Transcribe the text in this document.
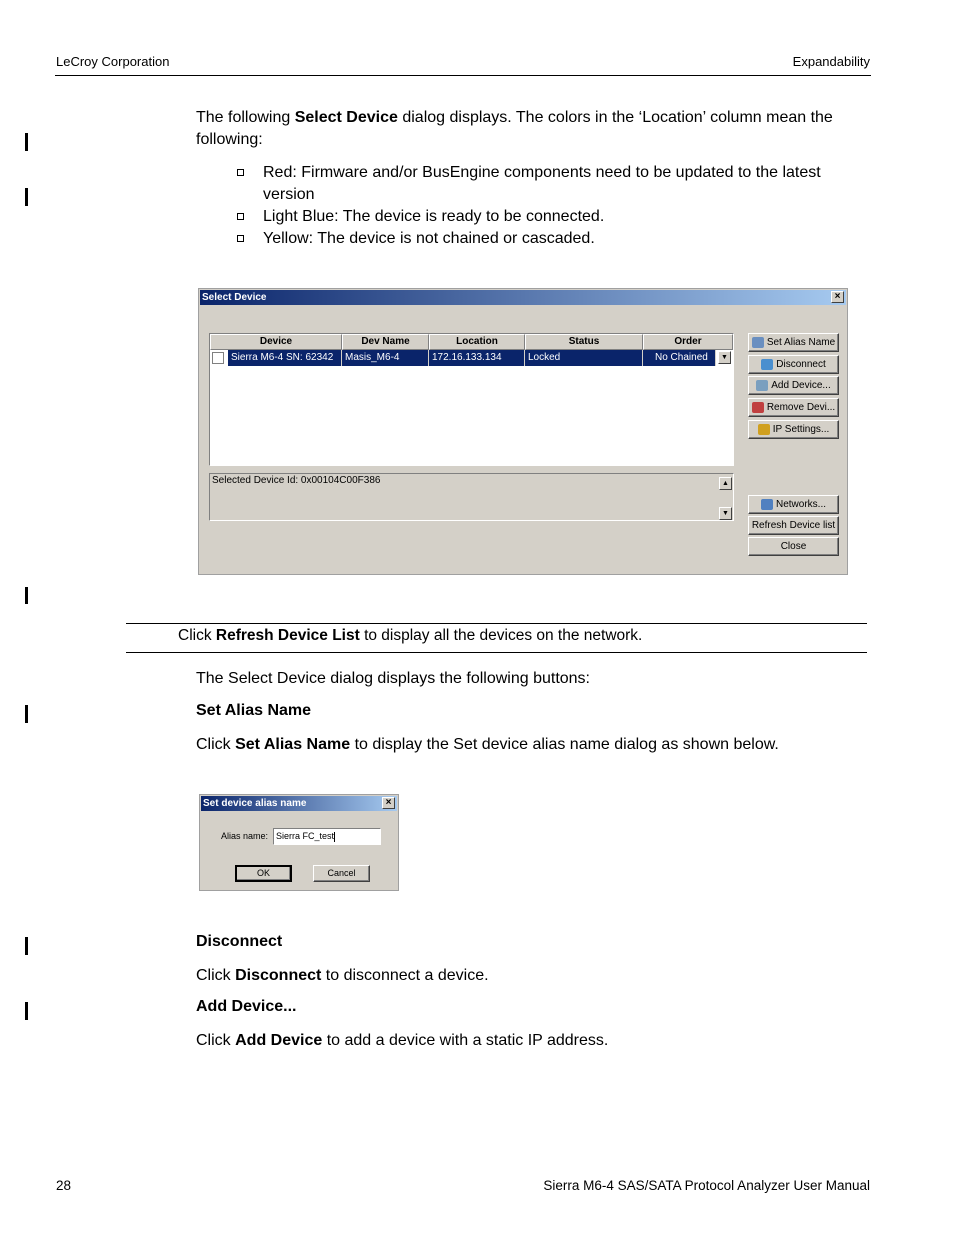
LeCroy Corporation	Expandability
The following Select Device dialog displays. The colors in the ‘Location’ column mean the following:
Red: Firmware and/or BusEngine components need to be updated to the latest version
Light Blue: The device is ready to be connected.
Yellow: The device is not chained or cascaded.
Select Device	×
Device	Dev Name	Location	Status	Order
Sierra M6-4 SN: 62342	Masis_M6-4	172.16.133.134	Locked	No Chained	▼
Selected Device Id: 0x00104C00F386	▲
▼
Set Alias Name
Disconnect
Add Device...
Remove Devi...
IP Settings...
Networks...
Refresh Device list
Close
Click Refresh Device List to display all the devices on the network.
The Select Device dialog displays the following buttons:
Set Alias Name
Click Set Alias Name to display the Set device alias name dialog as shown below.
Set device alias name	×
Alias name: Sierra FC_test
OK	Cancel
Disconnect
Click Disconnect to disconnect a device.
Add Device...
Click Add Device to add a device with a static IP address.
28	Sierra M6-4 SAS/SATA Protocol Analyzer User Manual
